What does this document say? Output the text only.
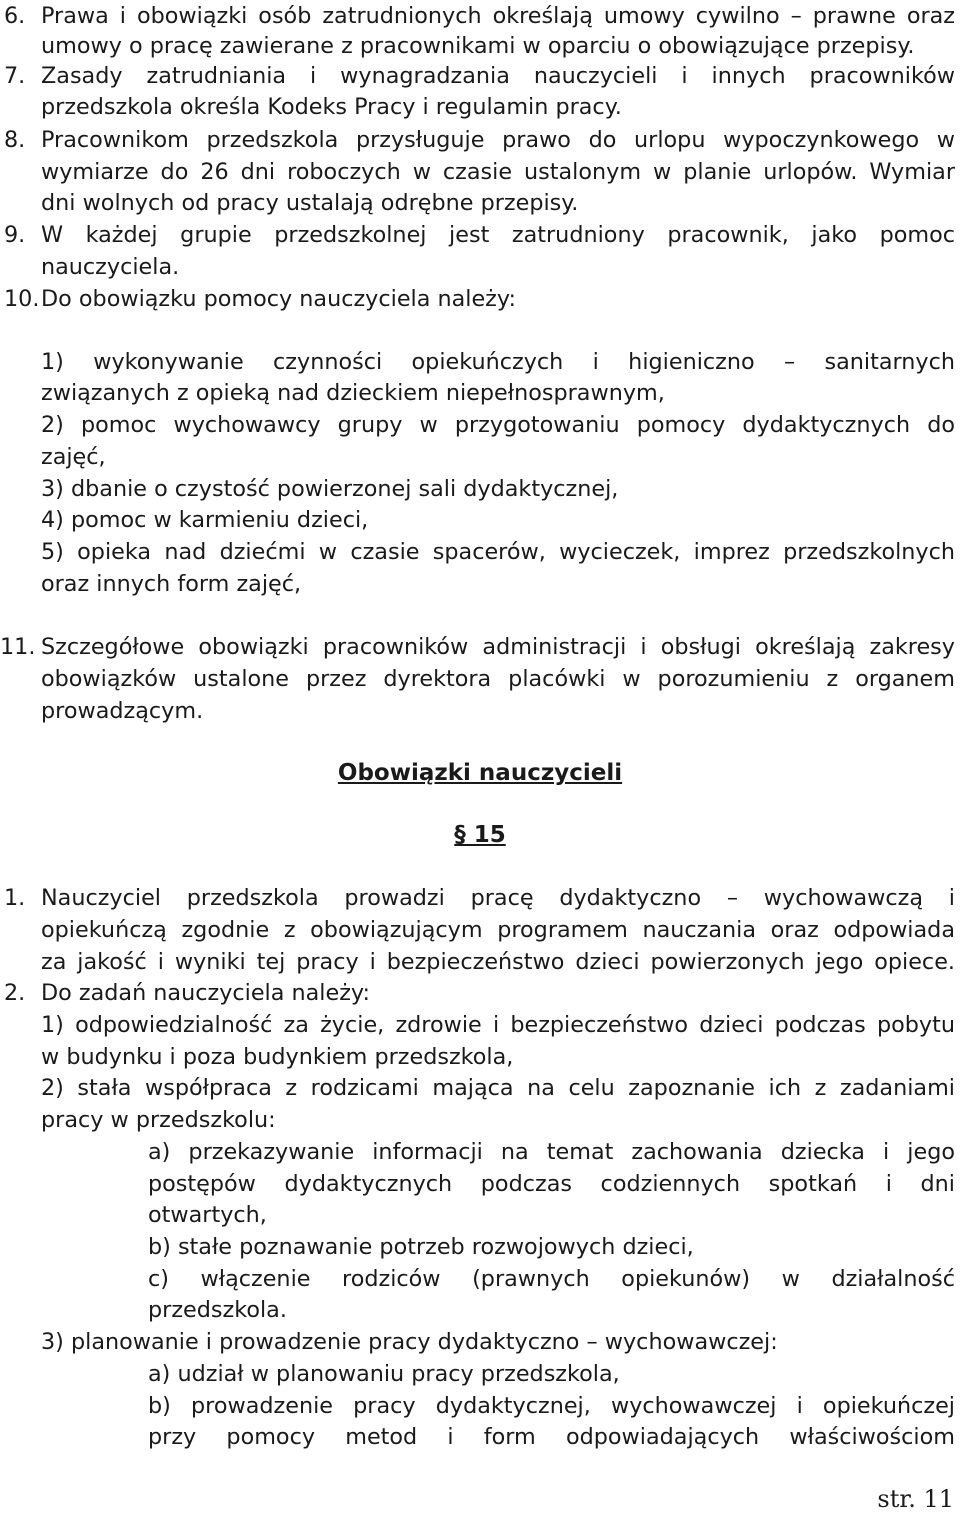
6. Prawa i obowiązki osób zatrudnionych określają umowy cywilno – prawne oraz
umowy o pracę zawierane z pracownikami w oparciu o obowiązujące przepisy.
7. Zasady zatrudniania i wynagradzania nauczycieli i innych pracowników
przedszkola określa Kodeks Pracy i regulamin pracy.
8. Pracownikom przedszkola przysługuje prawo do urlopu wypoczynkowego w
wymiarze do 26 dni roboczych w czasie ustalonym w planie urlopów. Wymiar
dni wolnych od pracy ustalają odrębne przepisy.
9. W każdej grupie przedszkolnej jest zatrudniony pracownik, jako pomoc
nauczyciela.
10. Do obowiązku pomocy nauczyciela należy:
1) wykonywanie czynności opiekuńczych i higieniczno – sanitarnych
związanych z opieką nad dzieckiem niepełnosprawnym,
2) pomoc wychowawcy grupy w przygotowaniu pomocy dydaktycznych do
zajęć,
3) dbanie o czystość powierzonej sali dydaktycznej,
4) pomoc w karmieniu dzieci,
5) opieka nad dziećmi w czasie spacerów, wycieczek, imprez przedszkolnych
oraz innych form zajęć,
11. Szczegółowe obowiązki pracowników administracji i obsługi określają zakresy
obowiązków ustalone przez dyrektora placówki w porozumieniu z organem
prowadzącym.
Obowiązki nauczycieli
§ 15
1. Nauczyciel przedszkola prowadzi pracę dydaktyczno – wychowawczą i
opiekuńczą zgodnie z obowiązującym programem nauczania oraz odpowiada
za jakość i wyniki tej pracy i bezpieczeństwo dzieci powierzonych jego opiece.
2. Do zadań nauczyciela należy:
1) odpowiedzialność za życie, zdrowie i bezpieczeństwo dzieci podczas pobytu
w budynku i poza budynkiem przedszkola,
2) stała współpraca z rodzicami mająca na celu zapoznanie ich z zadaniami
pracy w przedszkolu:
a) przekazywanie informacji na temat zachowania dziecka i jego
postępów dydaktycznych podczas codziennych spotkań i dni
otwartych,
b) stałe poznawanie potrzeb rozwojowych dzieci,
c) włączenie rodziców (prawnych opiekunów) w działalność
przedszkola.
3) planowanie i prowadzenie pracy dydaktyczno – wychowawczej:
a) udział w planowaniu pracy przedszkola,
b) prowadzenie pracy dydaktycznej, wychowawczej i opiekuńczej
przy pomocy metod i form odpowiadających właściwościom
str. 11
